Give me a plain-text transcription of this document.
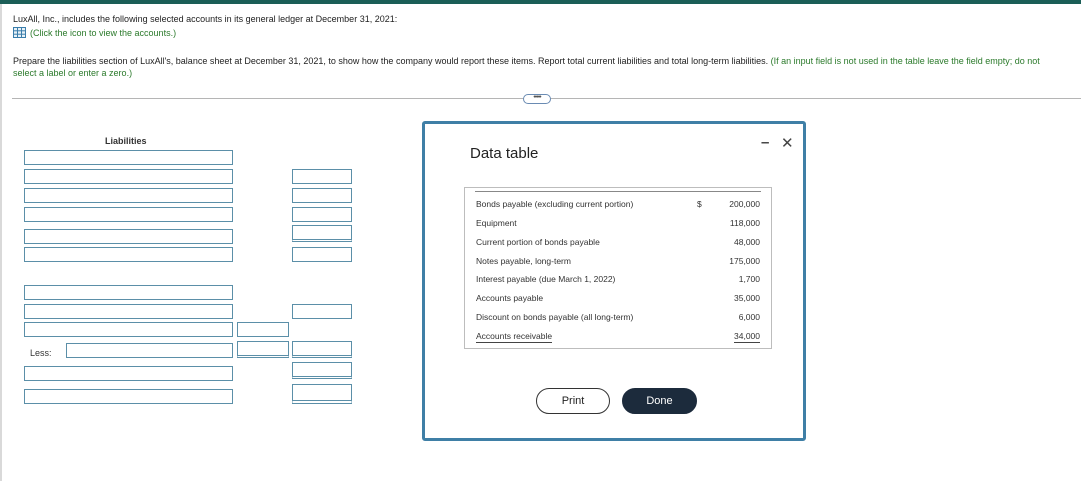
LuxAll, Inc., includes the following selected accounts in its general ledger at December 31, 2021:
(Click the icon to view the accounts.)
Prepare the liabilities section of LuxAll's, balance sheet at December 31, 2021, to show how the company would report these items. Report total current liabilities and total long-term liabilities. (If an input field is not used in the table leave the field empty; do not select a label or enter a zero.)
•••••
Liabilities
Less:
Data table
– ✕
Bonds payable (excluding current portion)	$	200,000
Equipment	118,000
Current portion of bonds payable	48,000
Notes payable, long-term	175,000
Interest payable (due March 1, 2022)	1,700
Accounts payable	35,000
Discount on bonds payable (all long-term)	6,000
Accounts receivable	34,000
Print	Done
